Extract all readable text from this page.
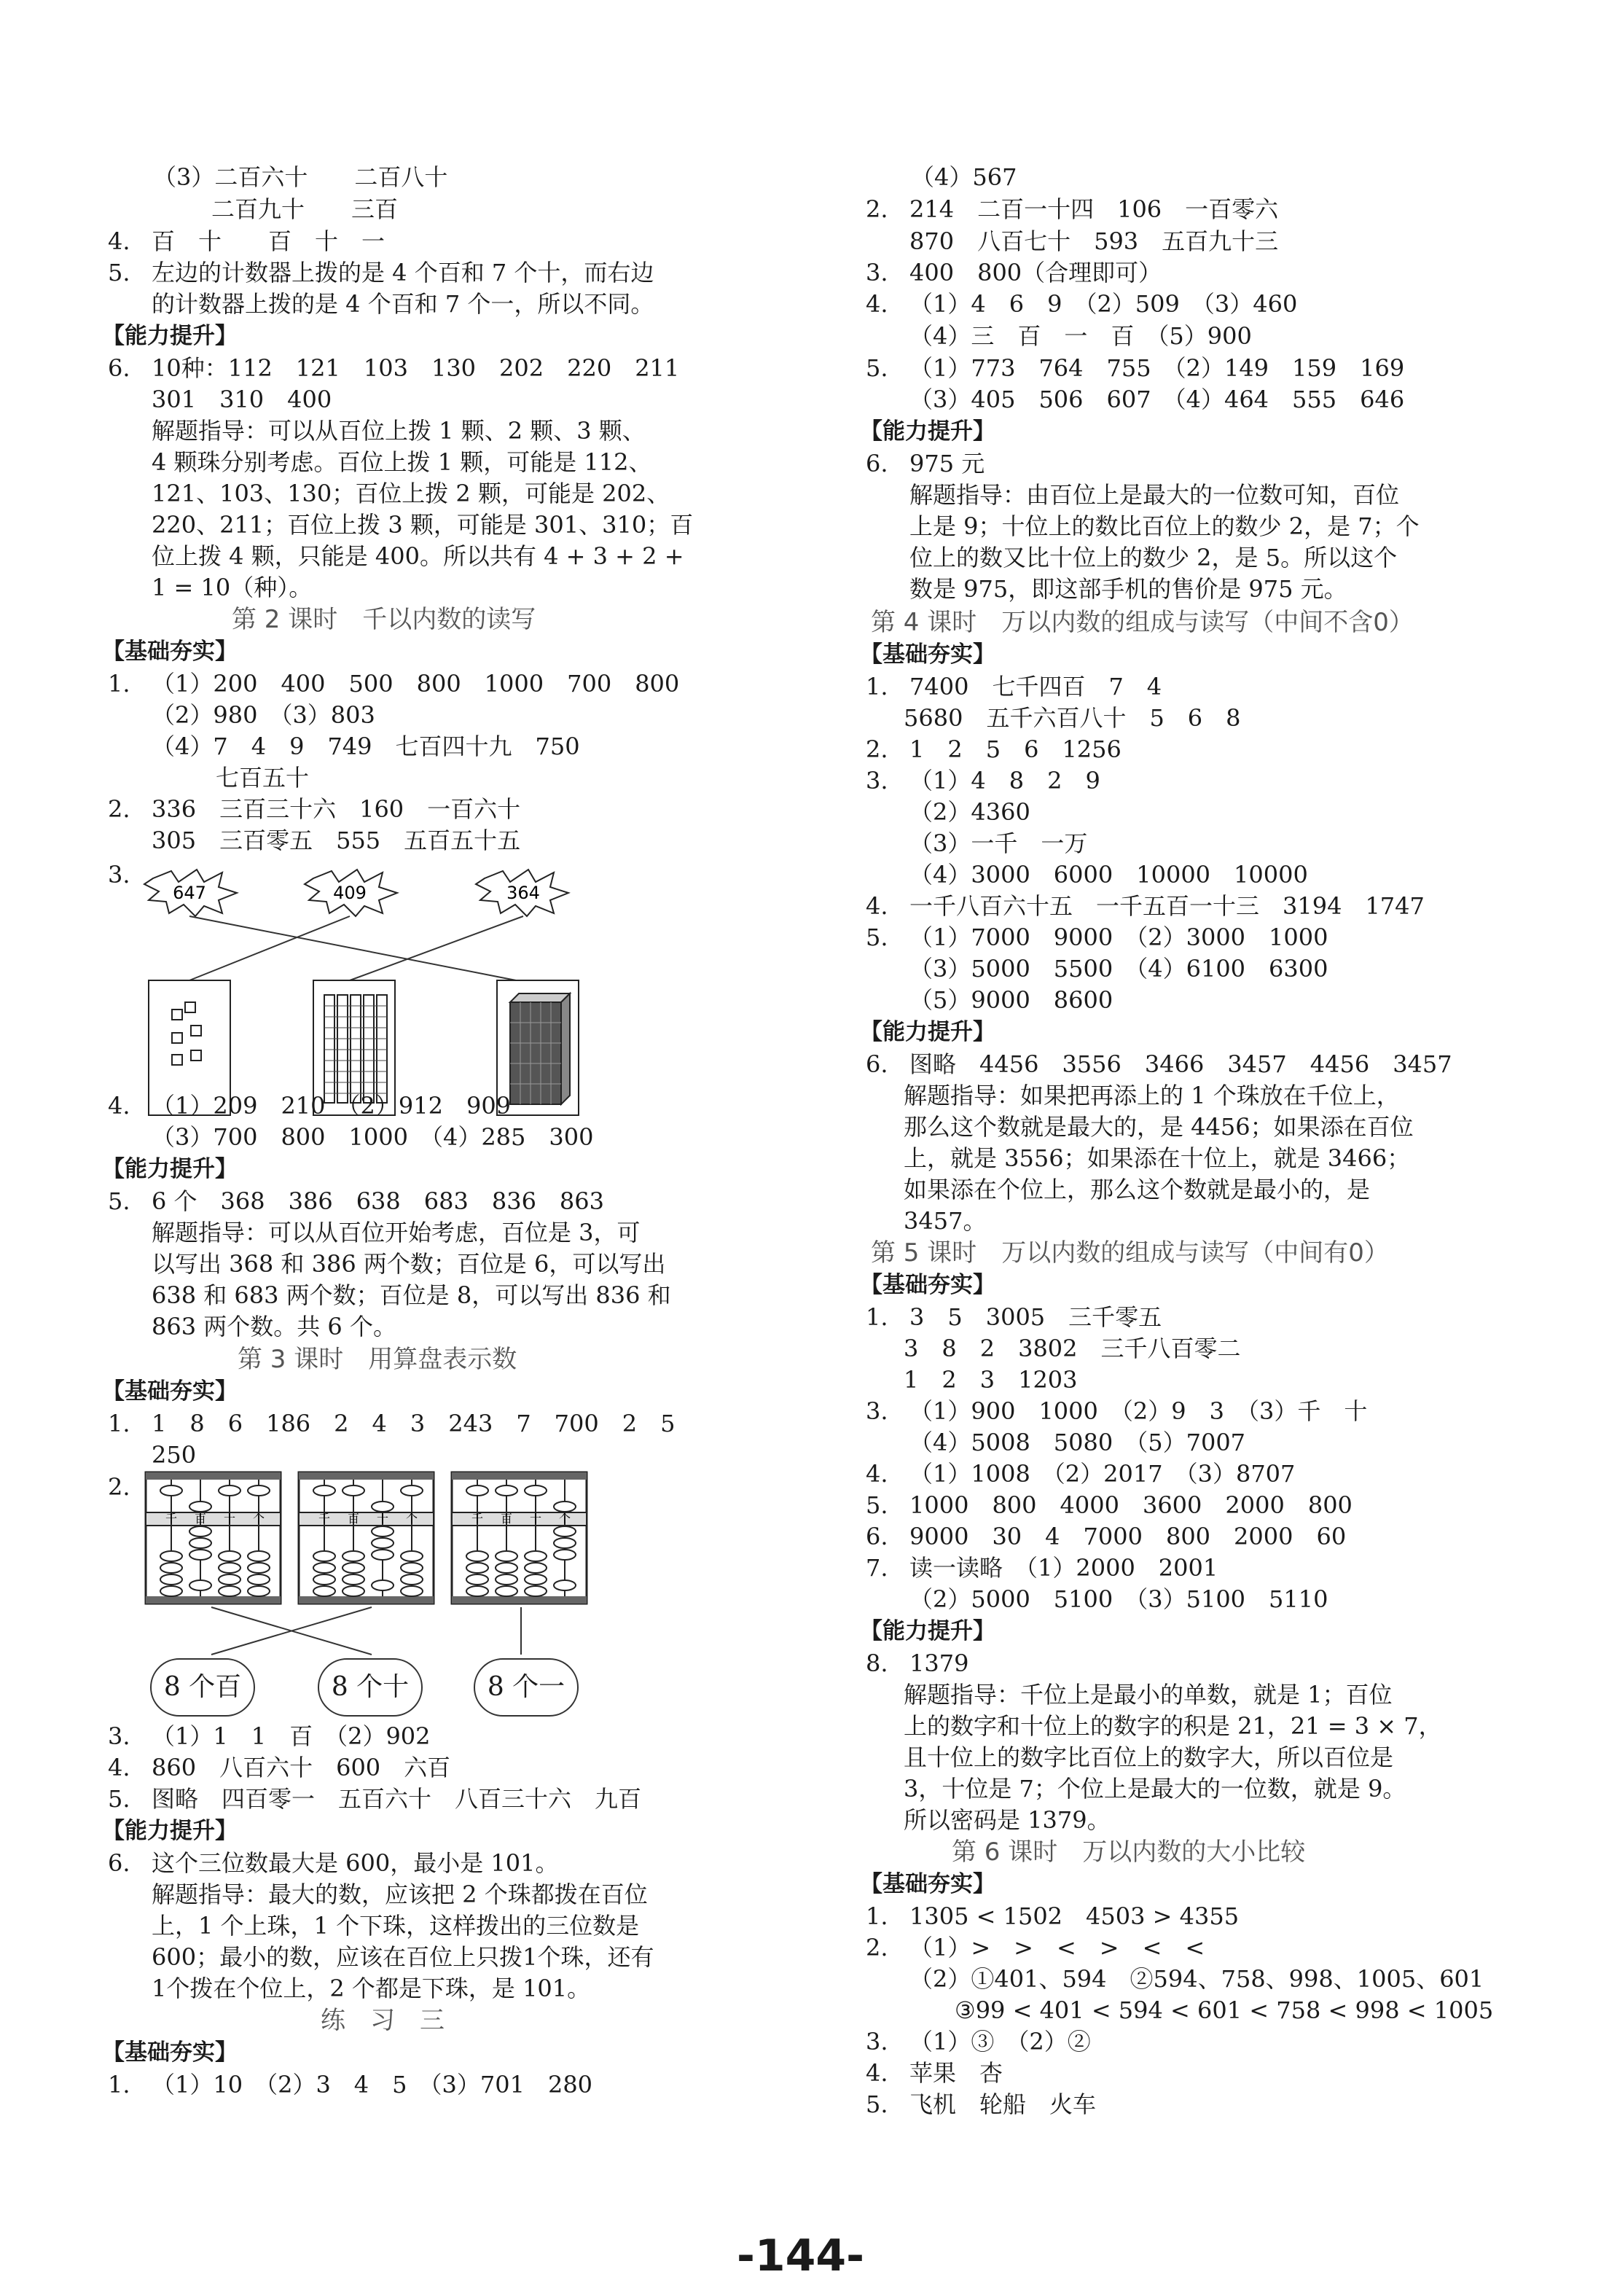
（3）二百六十　　二百八十
二百九十　　三百
4. 百　十　　百　十　一
5. 左边的计数器上拨的是 4 个百和 7 个十，而右边
的计数器上拨的是 4 个百和 7 个一，所以不同。
【能力提升】
6. 10种：112　121　103　130　202　220　211
301　310　400
解题指导：可以从百位上拨 1 颗、2 颗、3 颗、
4 颗珠分别考虑。百位上拨 1 颗，可能是 112、
121、103、130；百位上拨 2 颗，可能是 202、
220、211；百位上拨 3 颗，可能是 301、310；百
位上拨 4 颗，只能是 400。所以共有 4 + 3 + 2 +
1 = 10（种）。
第 2 课时　千以内数的读写
【基础夯实】
1. （1）200　400　500　800　1000　700　800
（2）980　（3）803
（4）7　4　9　749　七百四十九　750
七百五十
2. 336　三百三十六　160　一百六十
305　三百零五　555　五百五十五
3.
647	409	364
4. （1）209　210　（2）912　909
（3）700　800　1000　（4）285　300
【能力提升】
5. 6 个　368　386　638　683　836　863
解题指导：可以从百位开始考虑，百位是 3，可
以写出 368 和 386 两个数；百位是 6，可以写出
638 和 683 两个数；百位是 8，可以写出 836 和
863 两个数。共 6 个。
第 3 课时　用算盘表示数
【基础夯实】
1. 1　8　6　186　2　4　3　243　7　700　2　5
250
2.
千 百 十 个	千 百 十 个	千 百 十 个
8 个百	8 个十	8 个一
3. （1）1　1　百　（2）902
4. 860　八百六十　600　六百
5. 图略　四百零一　五百六十　八百三十六　九百
【能力提升】
6. 这个三位数最大是 600，最小是 101。
解题指导：最大的数，应该把 2 个珠都拨在百位
上，1 个上珠，1 个下珠，这样拨出的三位数是
600；最小的数，应该在百位上只拨1个珠，还有
1个拨在个位上，2 个都是下珠，是 101。
练　习　三
【基础夯实】
1. （1）10　（2）3　4　5　（3）701　280
（4）567
2. 214　二百一十四　106　一百零六
870　八百七十　593　五百九十三
3. 400　800（合理即可）
4. （1）4　6　9　（2）509　（3）460
（4）三　百　一　百　（5）900
5. （1）773　764　755　（2）149　159　169
（3）405　506　607　（4）464　555　646
【能力提升】
6. 975 元
解题指导：由百位上是最大的一位数可知，百位
上是 9；十位上的数比百位上的数少 2，是 7；个
位上的数又比十位上的数少 2，是 5。所以这个
数是 975，即这部手机的售价是 975 元。
第 4 课时　万以内数的组成与读写（中间不含0）
【基础夯实】
1. 7400　七千四百　7　4
5680　五千六百八十　5　6　8
2. 1　2　5　6　1256
3. （1）4　8　2　9
（2）4360
（3）一千　一万
（4）3000　6000　10000　10000
4. 一千八百六十五　一千五百一十三　3194　1747
5. （1）7000　9000　（2）3000　1000
（3）5000　5500　（4）6100　6300
（5）9000　8600
【能力提升】
6. 图略　4456　3556　3466　3457　4456　3457
解题指导：如果把再添上的 1 个珠放在千位上，
那么这个数就是最大的，是 4456；如果添在百位
上，就是 3556；如果添在十位上，就是 3466；
如果添在个位上，那么这个数就是最小的，是
3457。
第 5 课时　万以内数的组成与读写（中间有0）
【基础夯实】
1. 3　5　3005　三千零五
3　8　2　3802　三千八百零二
1　2　3　1203
3. （1）900　1000　（2）9　3　（3）千　十
（4）5008　5080　（5）7007
4. （1）1008　（2）2017　（3）8707
5. 1000　800　4000　3600　2000　800
6. 9000　30　4　7000　800　2000　60
7. 读一读略　（1）2000　2001
（2）5000　5100　（3）5100　5110
【能力提升】
8. 1379
解题指导：千位上是最小的单数，就是 1；百位
上的数字和十位上的数字的积是 21，21 = 3 × 7，
且十位上的数字比百位上的数字大，所以百位是
3，十位是 7；个位上是最大的一位数，就是 9。
所以密码是 1379。
第 6 课时　万以内数的大小比较
【基础夯实】
1. 1305 < 1502　4503 > 4355
2. （1）>　>　<　>　<　<
（2）①401、594　②594、758、998、1005、601
③99 < 401 < 594 < 601 < 758 < 998 < 1005
3. （1）③　（2）②
4. 苹果　杏
5. 飞机　轮船　火车
-144-
